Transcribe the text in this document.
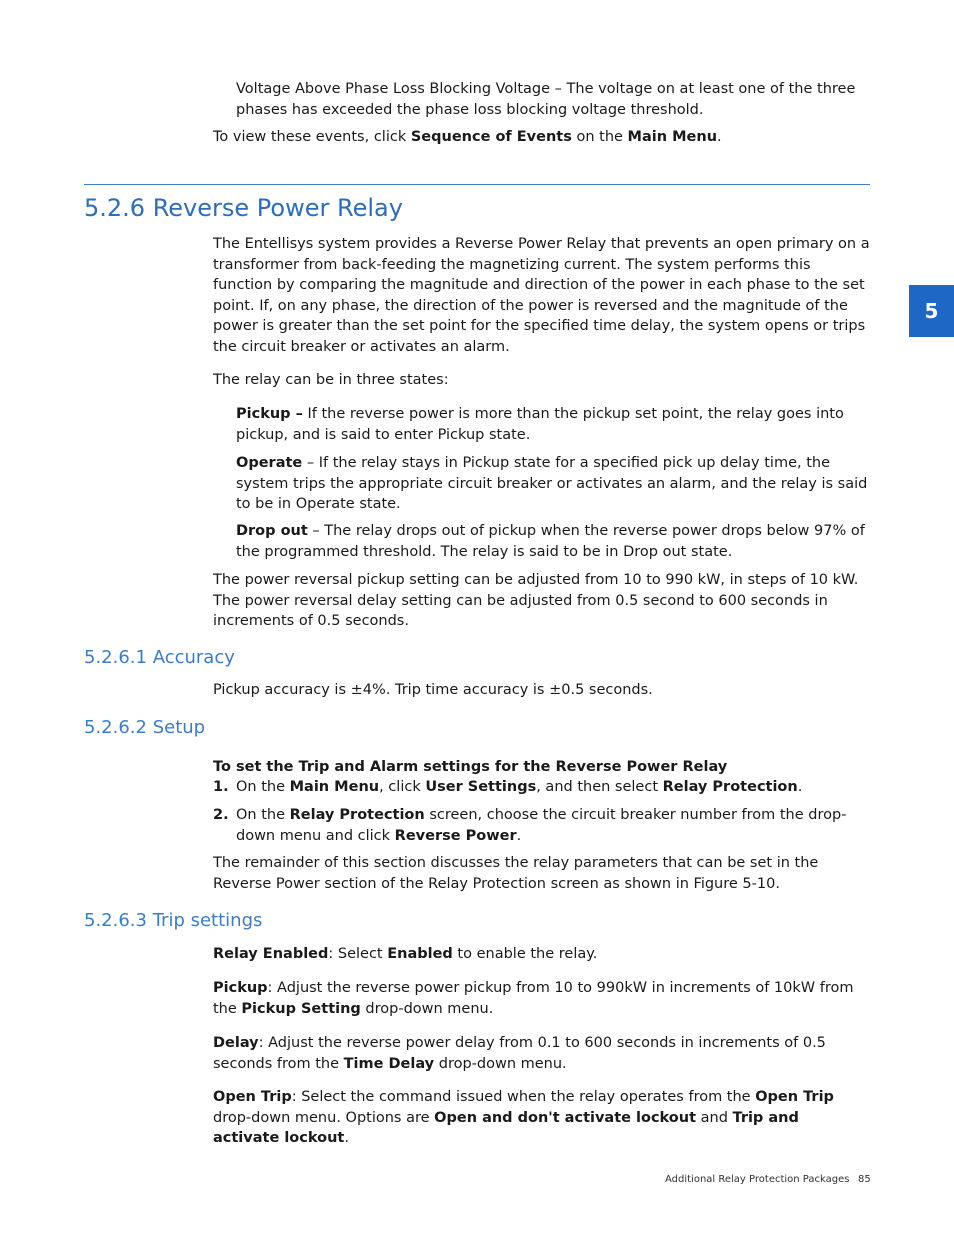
Voltage Above Phase Loss Blocking Voltage – The voltage on at least one of the three phases has exceeded the phase loss blocking voltage threshold.

To view these events, click Sequence of Events on the Main Menu.

5.2.6 Reverse Power Relay
5

The Entellisys system provides a Reverse Power Relay that prevents an open primary on a transformer from back-feeding the magnetizing current. The system performs this function by comparing the magnitude and direction of the power in each phase to the set point. If, on any phase, the direction of the power is reversed and the magnitude of the power is greater than the set point for the specified time delay, the system opens or trips the circuit breaker or activates an alarm.

The relay can be in three states:

Pickup – If the reverse power is more than the pickup set point, the relay goes into pickup, and is said to enter Pickup state.

Operate – If the relay stays in Pickup state for a specified pick up delay time, the system trips the appropriate circuit breaker or activates an alarm, and the relay is said to be in Operate state.

Drop out – The relay drops out of pickup when the reverse power drops below 97% of the programmed threshold. The relay is said to be in Drop out state.

The power reversal pickup setting can be adjusted from 10 to 990 kW, in steps of 10 kW. The power reversal delay setting can be adjusted from 0.5 second to 600 seconds in increments of 0.5 seconds.

5.2.6.1 Accuracy

Pickup accuracy is ±4%. Trip time accuracy is ±0.5 seconds.

5.2.6.2 Setup

To set the Trip and Alarm settings for the Reverse Power Relay

1. On the Main Menu, click User Settings, and then select Relay Protection.

2. On the Relay Protection screen, choose the circuit breaker number from the drop-down menu and click Reverse Power.

The remainder of this section discusses the relay parameters that can be set in the Reverse Power section of the Relay Protection screen as shown in Figure 5-10.

5.2.6.3 Trip settings

Relay Enabled: Select Enabled to enable the relay.

Pickup: Adjust the reverse power pickup from 10 to 990kW in increments of 10kW from the Pickup Setting drop-down menu.

Delay: Adjust the reverse power delay from 0.1 to 600 seconds in increments of 0.5 seconds from the Time Delay drop-down menu.

Open Trip: Select the command issued when the relay operates from the Open Trip drop-down menu. Options are Open and don't activate lockout and Trip and activate lockout.

Additional Relay Protection Packages 85
